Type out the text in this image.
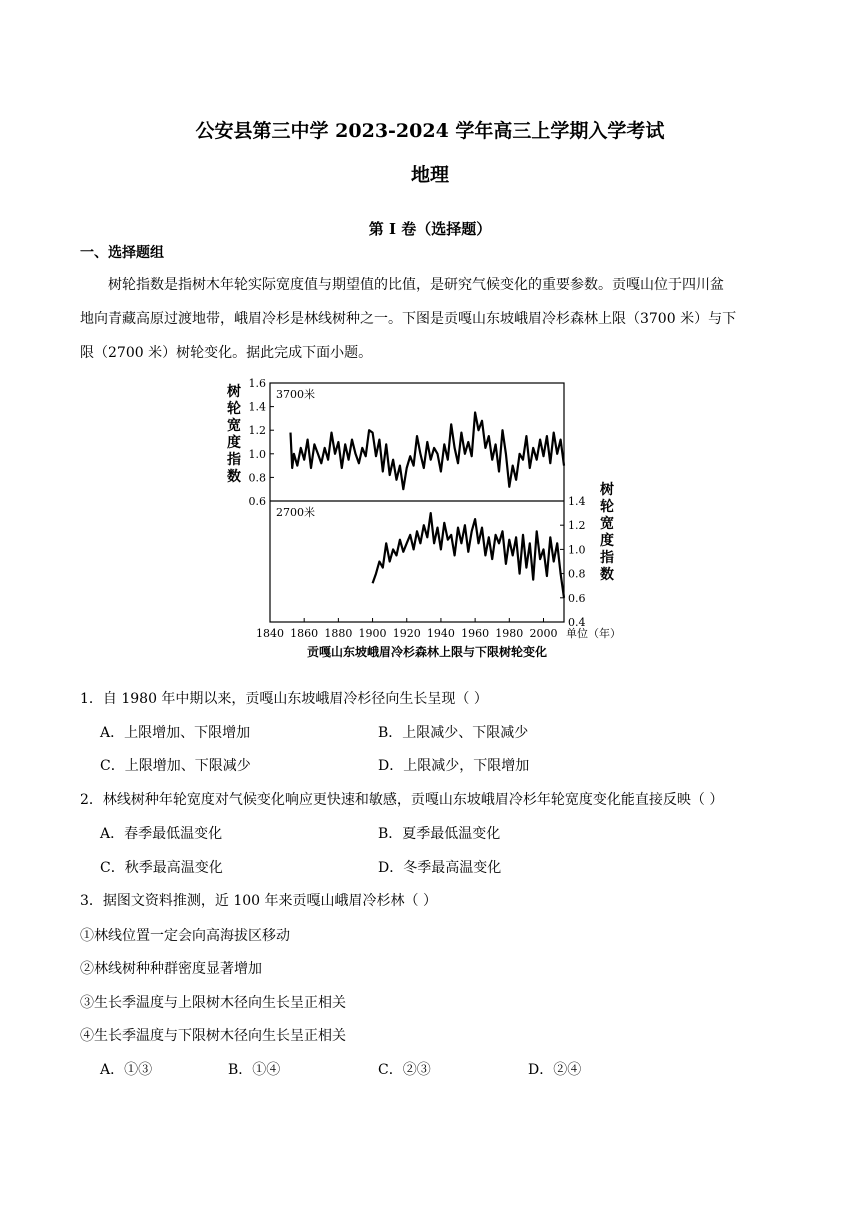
公安县第三中学 2023-2024 学年高三上学期入学考试
地理
第 I 卷（选择题）
一、选择题组
树轮指数是指树木年轮实际宽度值与期望值的比值，是研究气候变化的重要参数。贡嘎山位于四川盆
地向青藏高原过渡地带，峨眉冷杉是林线树种之一。下图是贡嘎山东坡峨眉冷杉森林上限（3700 米）与下
限（2700 米）树轮变化。据此完成下面小题。
1.6
1.4
1.2
1.0
0.8
0.6	1.4
1.2
1.0
0.8
0.6
0.4
1840 1860 1880 1900 1920 1940 1960 1980 2000 单位（年）
3700米
2700米
树轮宽度指数
树轮宽度指数
贡嘎山东坡峨眉冷杉森林上限与下限树轮变化
1．自 1980 年中期以来，贡嘎山东坡峨眉冷杉径向生长呈现（ ）
A．上限增加、下限增加	B．上限减少、下限减少
C．上限增加、下限减少	D．上限减少，下限增加
2．林线树种年轮宽度对气候变化响应更快速和敏感，贡嘎山东坡峨眉冷杉年轮宽度变化能直接反映（ ）
A．春季最低温变化	B．夏季最低温变化
C．秋季最高温变化	D．冬季最高温变化
3．据图文资料推测，近 100 年来贡嘎山峨眉冷杉林（ ）
①林线位置一定会向高海拔区移动
②林线树种种群密度显著增加
③生长季温度与上限树木径向生长呈正相关
④生长季温度与下限树木径向生长呈正相关
A．①③	B．①④	C．②③	D．②④
